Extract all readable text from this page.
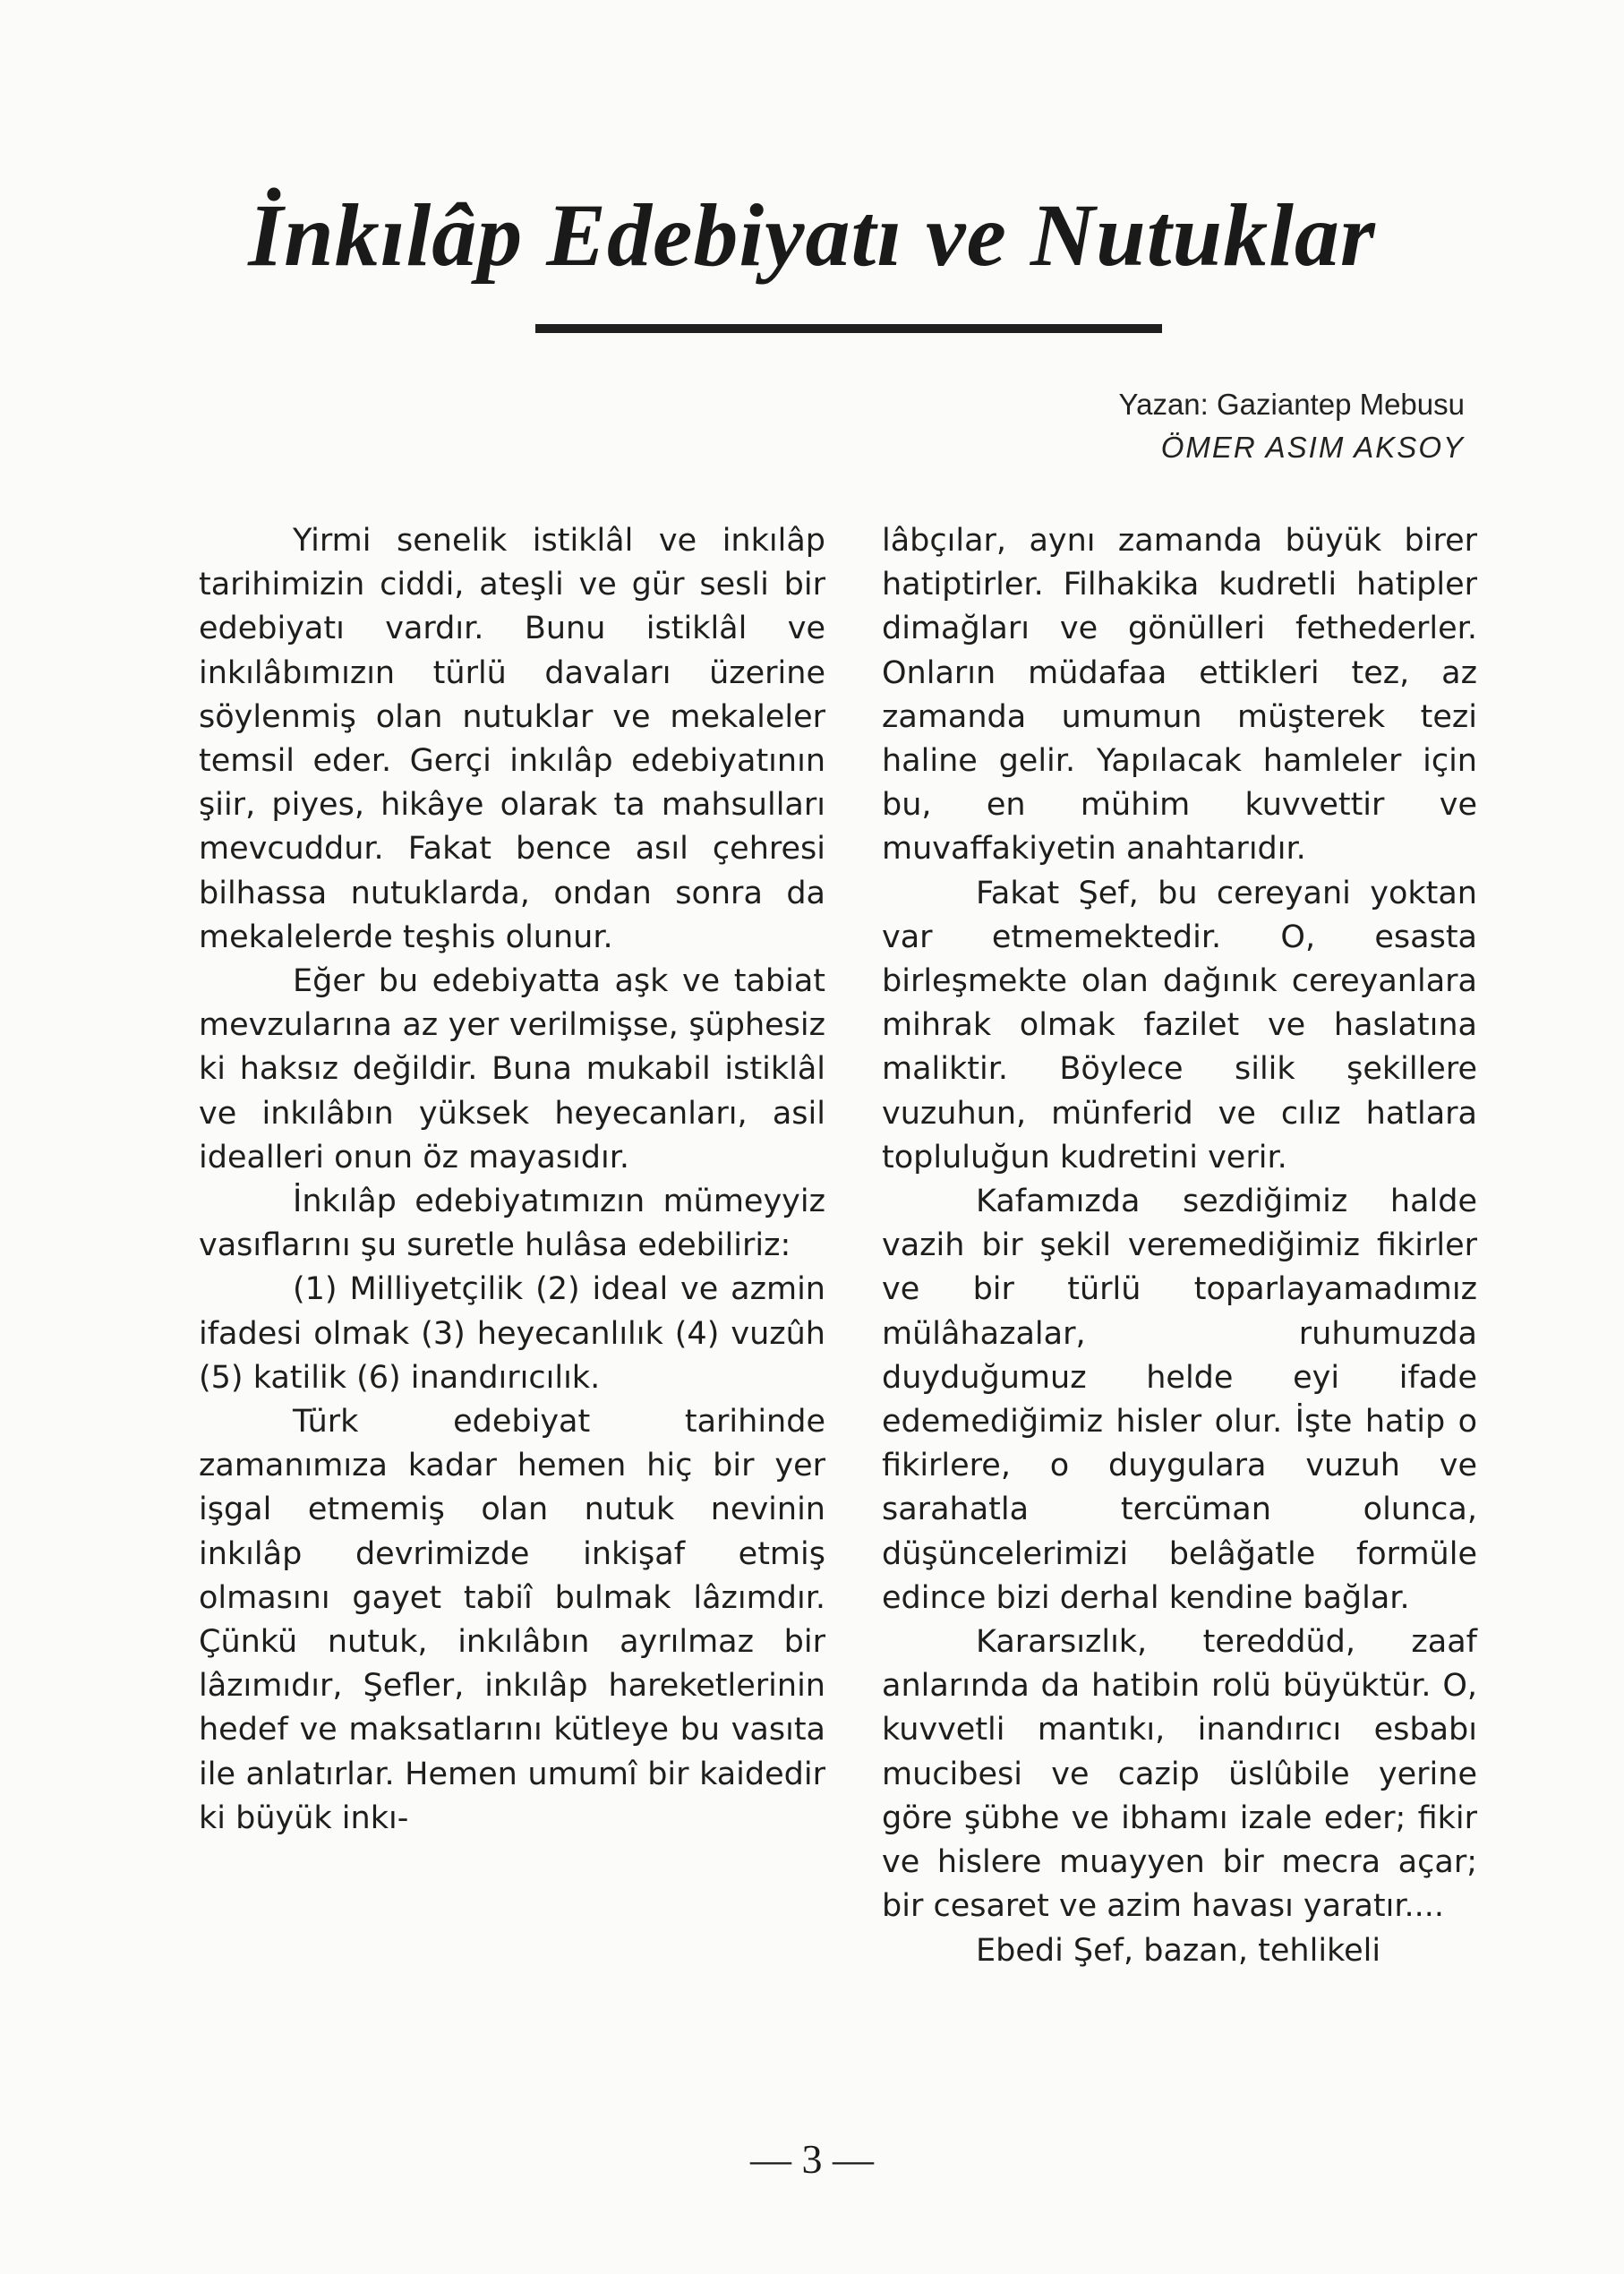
İnkılâp Edebiyatı ve Nutuklar
Yazan: Gaziantep Mebusu
ÖMER ASIM AKSOY

Yirmi senelik istiklâl ve inkılâp tarihimizin ciddi, ateşli ve gür sesli bir edebiyatı vardır. Bunu istiklâl ve inkılâbımızın türlü davaları üzerine söylenmiş olan nutuklar ve mekaleler temsil eder. Gerçi inkılâp edebiyatının şiir, piyes, hikâye olarak ta mahsulları mevcuddur. Fakat bence asıl çehresi bilhassa nutuklarda, ondan sonra da mekalelerde teşhis olunur.

Eğer bu edebiyatta aşk ve tabiat mevzularına az yer verilmişse, şüphesiz ki haksız değildir. Buna mukabil istiklâl ve inkılâbın yüksek heyecanları, asil idealleri onun öz mayasıdır.

İnkılâp edebiyatımızın mümeyyiz vasıflarını şu suretle hulâsa edebiliriz:

(1) Milliyetçilik (2) ideal ve azmin ifadesi olmak (3) heyecanlılık (4) vuzûh (5) katilik (6) inandırıcılık.

Türk edebiyat tarihinde zamanımıza kadar hemen hiç bir yer işgal etmemiş olan nutuk nevinin inkılâp devrimizde inkişaf etmiş olmasını gayet tabiî bulmak lâzımdır. Çünkü nutuk, inkılâbın ayrılmaz bir lâzımıdır, Şefler, inkılâp hareketlerinin hedef ve maksatlarını kütleye bu vasıta ile anlatırlar. Hemen umumî bir kaidedir ki büyük inkı-

lâbçılar, aynı zamanda büyük birer hatiptirler. Filhakika kudretli hatipler dimağları ve gönülleri fethederler. Onların müdafaa ettikleri tez, az zamanda umumun müşterek tezi haline gelir. Yapılacak hamleler için bu, en mühim kuvvettir ve muvaffakiyetin anahtarıdır.

Fakat Şef, bu cereyani yoktan var etmemektedir. O, esasta birleşmekte olan dağınık cereyanlara mihrak olmak fazilet ve haslatına maliktir. Böylece silik şekillere vuzuhun, münferid ve cılız hatlara topluluğun kudretini verir.

Kafamızda sezdiğimiz halde vazih bir şekil veremediğimiz fikirler ve bir türlü toparlayamadımız mülâhazalar, ruhumuzda duyduğumuz helde eyi ifade edemediğimiz hisler olur. İşte hatip o fikirlere, o duygulara vuzuh ve sarahatla tercüman olunca, düşüncelerimizi belâğatle formüle edince bizi derhal kendine bağlar.

Kararsızlık, tereddüd, zaaf anlarında da hatibin rolü büyüktür. O, kuvvetli mantıkı, inandırıcı esbabı mucibesi ve cazip üslûbile yerine göre şübhe ve ibhamı izale eder; fikir ve hislere muayyen bir mecra açar; bir cesaret ve azim havası yaratır....

Ebedi Şef, bazan, tehlikeli

— 3 —
